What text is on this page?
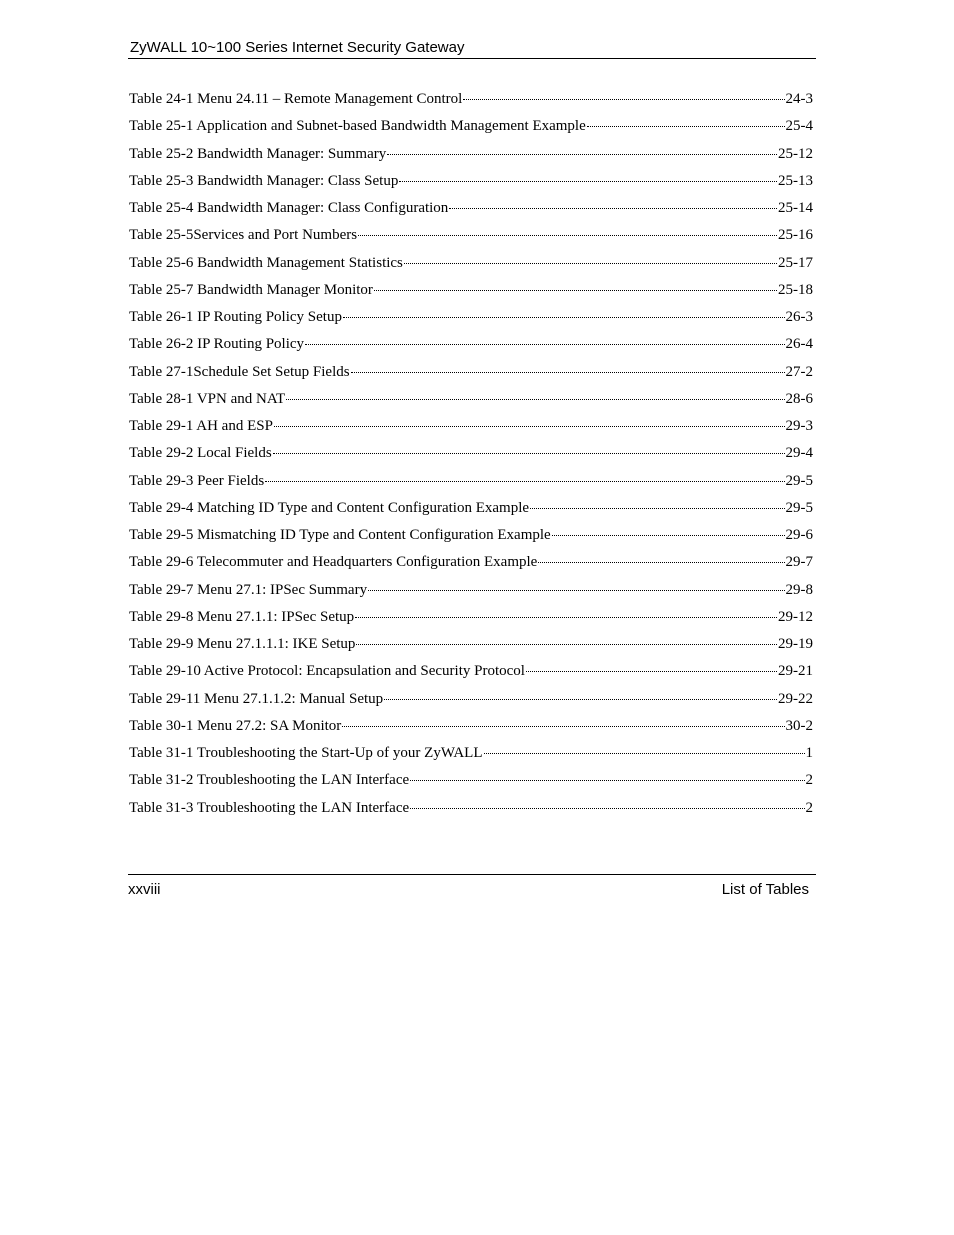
ZyWALL 10~100 Series Internet Security Gateway
Table 24-1 Menu 24.11 – Remote Management Control	24-3
Table 25-1 Application and Subnet-based Bandwidth Management Example	25-4
Table 25-2 Bandwidth Manager: Summary	25-12
Table 25-3 Bandwidth Manager: Class Setup	25-13
Table 25-4 Bandwidth Manager: Class Configuration	25-14
Table 25-5Services and Port Numbers	25-16
Table 25-6 Bandwidth Management Statistics	25-17
Table 25-7 Bandwidth Manager Monitor	25-18
Table 26-1 IP Routing Policy Setup	26-3
Table 26-2 IP Routing Policy	26-4
Table 27-1Schedule Set Setup Fields	27-2
Table 28-1 VPN and NAT	28-6
Table 29-1 AH and ESP	29-3
Table 29-2 Local Fields	29-4
Table 29-3 Peer Fields	29-5
Table 29-4 Matching ID Type and Content Configuration Example	29-5
Table 29-5 Mismatching ID Type and Content Configuration Example	29-6
Table 29-6 Telecommuter and Headquarters Configuration Example	29-7
Table 29-7 Menu 27.1: IPSec Summary	29-8
Table 29-8 Menu 27.1.1: IPSec Setup	29-12
Table 29-9 Menu 27.1.1.1: IKE Setup	29-19
Table 29-10 Active Protocol: Encapsulation and Security Protocol	29-21
Table 29-11 Menu 27.1.1.2: Manual Setup	29-22
Table 30-1 Menu 27.2: SA Monitor	30-2
Table 31-1 Troubleshooting the Start-Up of your ZyWALL	1
Table 31-2 Troubleshooting the LAN Interface	2
Table 31-3 Troubleshooting the LAN Interface	2
xxviii	List of Tables
